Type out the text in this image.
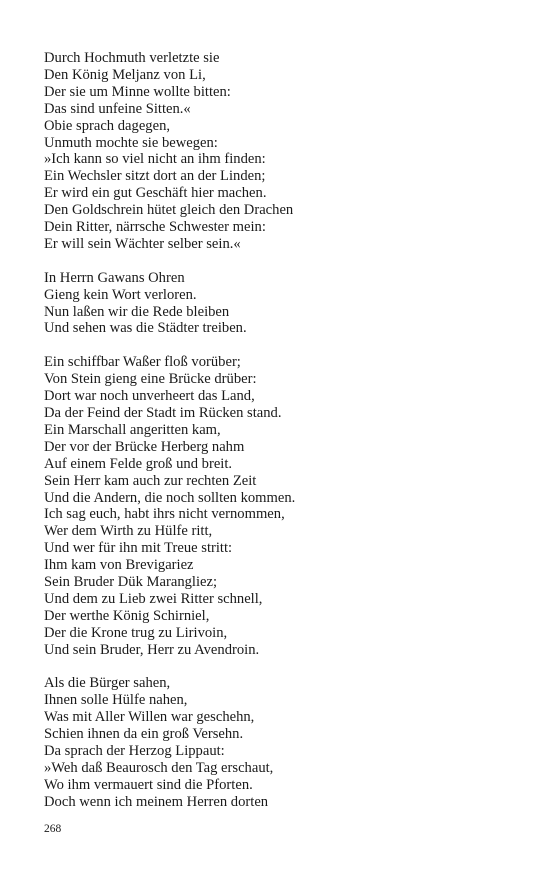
Durch Hochmuth verletzte sie
Den König Meljanz von Li,
Der sie um Minne wollte bitten:
Das sind unfeine Sitten.«
Obie sprach dagegen,
Unmuth mochte sie bewegen:
»Ich kann so viel nicht an ihm finden:
Ein Wechsler sitzt dort an der Linden;
Er wird ein gut Geschäft hier machen.
Den Goldschrein hütet gleich den Drachen
Dein Ritter, närrsche Schwester mein:
Er will sein Wächter selber sein.«
In Herrn Gawans Ohren
Gieng kein Wort verloren.
Nun laßen wir die Rede bleiben
Und sehen was die Städter treiben.
Ein schiffbar Waßer floß vorüber;
Von Stein gieng eine Brücke drüber:
Dort war noch unverheert das Land,
Da der Feind der Stadt im Rücken stand.
Ein Marschall angeritten kam,
Der vor der Brücke Herberg nahm
Auf einem Felde groß und breit.
Sein Herr kam auch zur rechten Zeit
Und die Andern, die noch sollten kommen.
Ich sag euch, habt ihrs nicht vernommen,
Wer dem Wirth zu Hülfe ritt,
Und wer für ihn mit Treue stritt:
Ihm kam von Brevigariez
Sein Bruder Dük Marangliez;
Und dem zu Lieb zwei Ritter schnell,
Der werthe König Schirniel,
Der die Krone trug zu Lirivoin,
Und sein Bruder, Herr zu Avendroin.
Als die Bürger sahen,
Ihnen solle Hülfe nahen,
Was mit Aller Willen war geschehn,
Schien ihnen da ein groß Versehn.
Da sprach der Herzog Lippaut:
»Weh daß Beaurosch den Tag erschaut,
Wo ihm vermauert sind die Pforten.
Doch wenn ich meinem Herren dorten
268
